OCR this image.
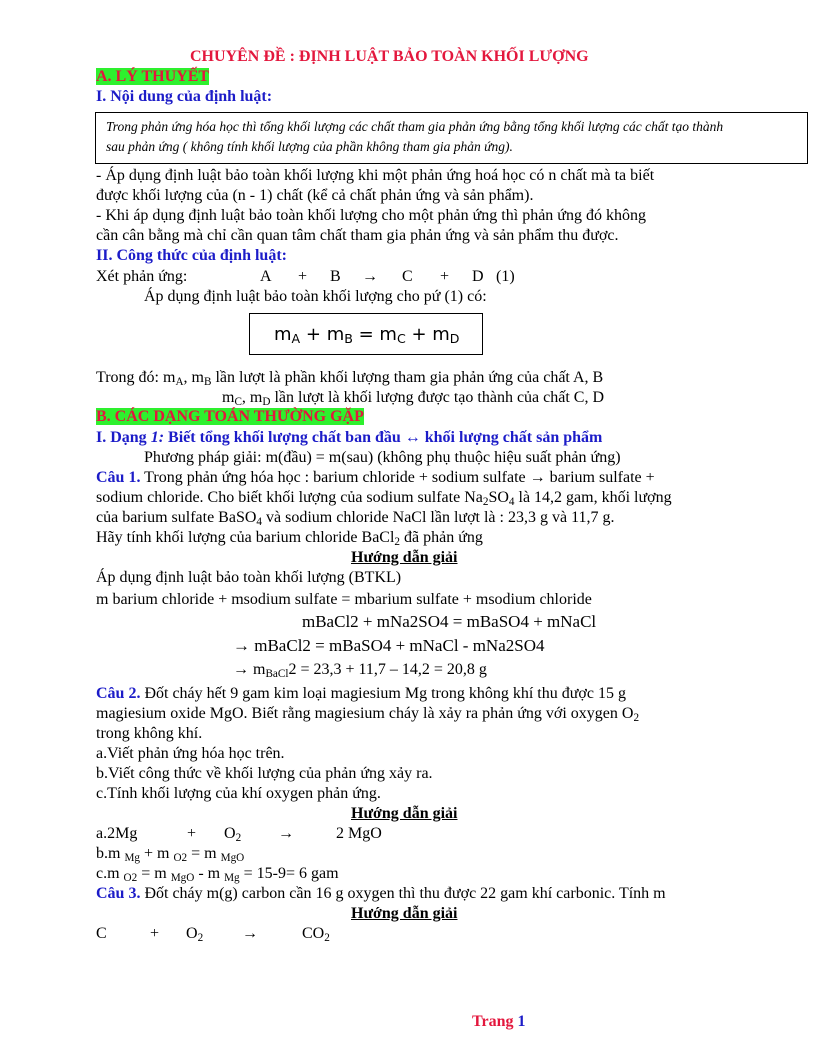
CHUYÊN ĐỀ : ĐỊNH LUẬT BẢO TOÀN KHỐI LƯỢNG
A. LÝ THUYẾT
I. Nội dung của định luật:
Trong phản ứng hóa học thì tổng khối lượng các chất tham gia phản ứng bằng tổng khối lượng các chất tạo thành
sau phản ứng ( không tính khối lượng của phần không tham gia phản ứng).
- Áp dụng định luật bảo toàn khối lượng khi một phản ứng hoá học có n chất mà ta biết
được khối lượng của (n - 1) chất (kể cả chất phản ứng và sản phẩm).
- Khi áp dụng định luật bảo toàn khối lượng cho một phản ứng thì phản ứng đó không
cần cân bằng mà chỉ cần quan tâm chất tham gia phản ứng và sản phẩm thu được.
II. Công thức của định luật:
Xét phản ứng:	A + B → C + D (1)
Áp dụng định luật bảo toàn khối lượng cho pứ (1) có:
$m_A + m_B = m_C + m_D$
Trong đó: $m_A$, $m_B$ lần lượt là phần khối lượng tham gia phản ứng của chất A, B
$m_C$, $m_D$ lần lượt là khối lượng được tạo thành của chất C, D
B. CÁC DẠNG TOÁN THƯỜNG GẶP
I. Dạng 1: Biết tổng khối lượng chất ban đầu ↔ khối lượng chất sản phẩm
Phương pháp giải: m(đầu) = m(sau) (không phụ thuộc hiệu suất phản ứng)
Câu 1. Trong phản ứng hóa học : barium chloride + sodium sulfate → barium sulfate +
sodium chloride. Cho biết khối lượng của sodium sulfate $Na_2SO_4$ là 14,2 gam, khối lượng
của barium sulfate BaSO$_4$ và sodium chloride NaCl lần lượt là : 23,3 g và 11,7 g.
Hãy tính khối lượng của barium chloride BaCl$_2$ đã phản ứng
Hướng dẫn giải
Áp dụng định luật bảo toàn khối lượng (BTKL)
m barium chloride + msodium sulfate = mbarium sulfate + msodium chloride
mBaCl2 + mNa2SO4 = mBaSO4 + mNaCl
→ mBaCl2 = mBaSO4 + mNaCl - mNa2SO4
→ $m_{BaCl}2 = 23,3 + 11,7 - 14,2 = 20,8$ g
Câu 2. Đốt cháy hết 9 gam kim loại magiesium Mg trong không khí thu được 15 g
magiesium oxide MgO. Biết rằng magiesium cháy là xảy ra phản ứng với oxygen $O_2$
trong không khí.
a.Viết phản ứng hóa học trên.
b.Viết công thức về khối lượng của phản ứng xảy ra.
c.Tính khối lượng của khí oxygen phản ứng.
Hướng dẫn giải
a.2Mg	+ $O_2$ →	2 MgO
b.m $_{Mg}$ + m $_{O2}$ = m $_{MgO}$
c.m $_{O2}$ = m $_{MgO}$ - m $_{Mg}$ = 15-9= 6 gam
Câu 3. Đốt cháy m(g) carbon cần 16 g oxygen thì thu được 22 gam khí carbonic. Tính m
Hướng dẫn giải
C	+ $O_2$ →	$CO_2$
Trang 1
